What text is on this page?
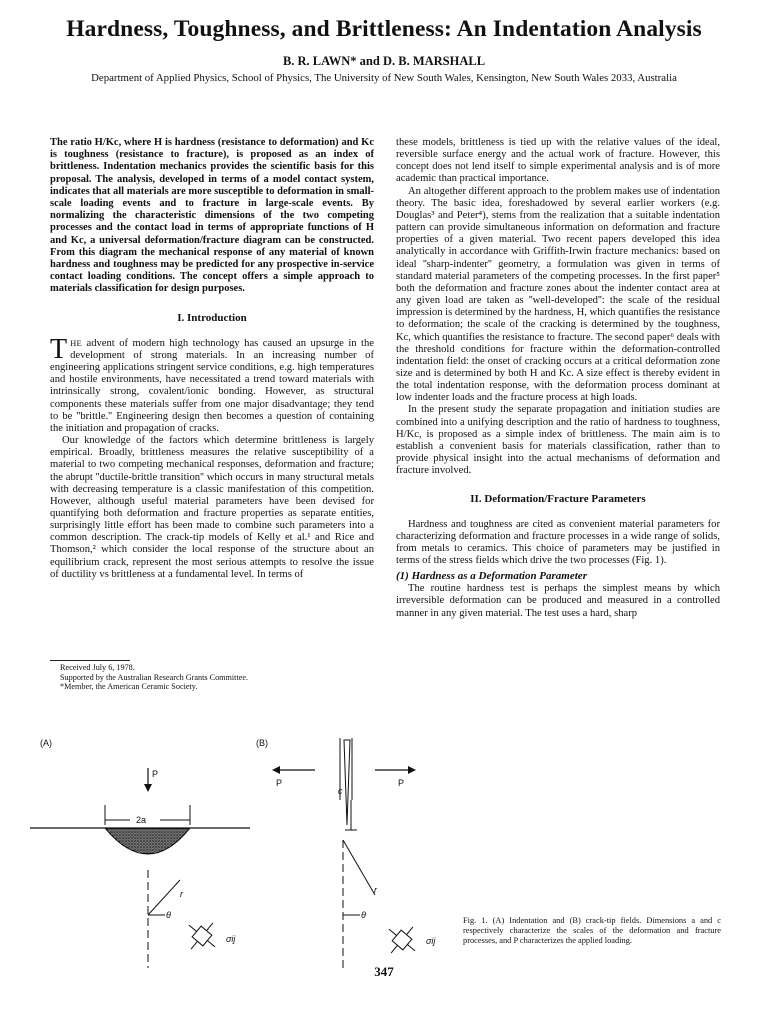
Hardness, Toughness, and Brittleness: An Indentation Analysis
B. R. LAWN* and D. B. MARSHALL
Department of Applied Physics, School of Physics, The University of New South Wales, Kensington, New South Wales 2033, Australia

The ratio H/Kc, where H is hardness (resistance to deformation) and Kc is toughness (resistance to fracture), is proposed as an index of brittleness. Indentation mechanics provides the scientific basis for this proposal. The analysis, developed in terms of a model contact system, indicates that all materials are more susceptible to deformation in small-scale loading events and to fracture in large-scale events. By normalizing the characteristic dimensions of the two competing processes and the contact load in terms of appropriate functions of H and Kc, a universal deformation/fracture diagram can be constructed. From this diagram the mechanical response of any material of known hardness and toughness may be predicted for any prospective in-service contact loading conditions. The concept offers a simple approach to materials classification for design purposes.

I. Introduction

THE advent of modern high technology has caused an upsurge in the development of strong materials. In an increasing number of engineering applications stringent service conditions, e.g. high temperatures and hostile environments, have necessitated a trend toward materials with intrinsically strong, covalent/ionic bonding. However, as structural components these materials suffer from one major disadvantage; they tend to be ''brittle.'' Engineering design then becomes a question of containing the initiation and propagation of cracks.

Our knowledge of the factors which determine brittleness is largely empirical. Broadly, brittleness measures the relative susceptibility of a material to two competing mechanical responses, deformation and fracture; the abrupt ''ductile-brittle transition'' which occurs in many structural metals with decreasing temperature is a classic manifestation of this competition. However, although useful material parameters have been devised for quantifying both deformation and fracture properties as separate entities, surprisingly little effort has been made to combine such parameters into a common description. The crack-tip models of Kelly et al.¹ and Rice and Thomson,² which consider the local response of the structure about an equilibrium crack, represent the most serious attempts to resolve the issue of ductility vs brittleness at a fundamental level. In terms of

these models, brittleness is tied up with the relative values of the ideal, reversible surface energy and the actual work of fracture. However, this concept does not lend itself to simple experimental analysis and is of more academic than practical importance.

An altogether different approach to the problem makes use of indentation theory. The basic idea, foreshadowed by several earlier workers (e.g. Douglas³ and Peter⁴), stems from the realization that a suitable indentation pattern can provide simultaneous information on deformation and fracture properties of a given material. Two recent papers developed this idea analytically in accordance with Griffith-Irwin fracture mechanics: based on ideal ''sharp-indenter'' geometry, a formulation was given in terms of standard material parameters of the competing processes. In the first paper⁵ both the deformation and fracture zones about the indenter contact area at any given load are taken as ''well-developed'': the scale of the residual impression is determined by the hardness, H, which quantifies the resistance to deformation; the scale of the cracking is determined by the toughness, Kc, which quantifies the resistance to fracture. The second paper⁶ deals with the threshold conditions for fracture within the deformation-controlled indentation field: the onset of cracking occurs at a critical deformation zone size and is determined by both H and Kc. A size effect is thereby evident in the total indentation response, with the deformation process dominant at low indenter loads and the fracture process at high loads.

In the present study the separate propagation and initiation studies are combined into a unifying description and the ratio of hardness to toughness, H/Kc, is proposed as a simple index of brittleness. The main aim is to establish a convenient basis for materials classification, rather than to provide physical insight into the actual mechanisms of deformation and fracture involved.

II. Deformation/Fracture Parameters

Hardness and toughness are cited as convenient material parameters for characterizing deformation and fracture processes in a wide range of solids, from metals to ceramics. This choice of parameters may be justified in terms of the stress fields which drive the two processes (Fig. 1).

(1) Hardness as a Deformation Parameter

The routine hardness test is perhaps the simplest means by which irreversible deformation can be produced and measured in a controlled manner in any given material. The test uses a hard, sharp

Received July 6, 1978.
Supported by the Australian Research Grants Committee.
*Member, the American Ceramic Society.
(A)
P
2a
r
θ
σij
(B)
P	P
c
r
θ
σij
Fig. 1. (A) Indentation and (B) crack-tip fields. Dimensions a and c respectively characterize the scales of the deformation and fracture processes, and P characterizes the applied loading.
347
